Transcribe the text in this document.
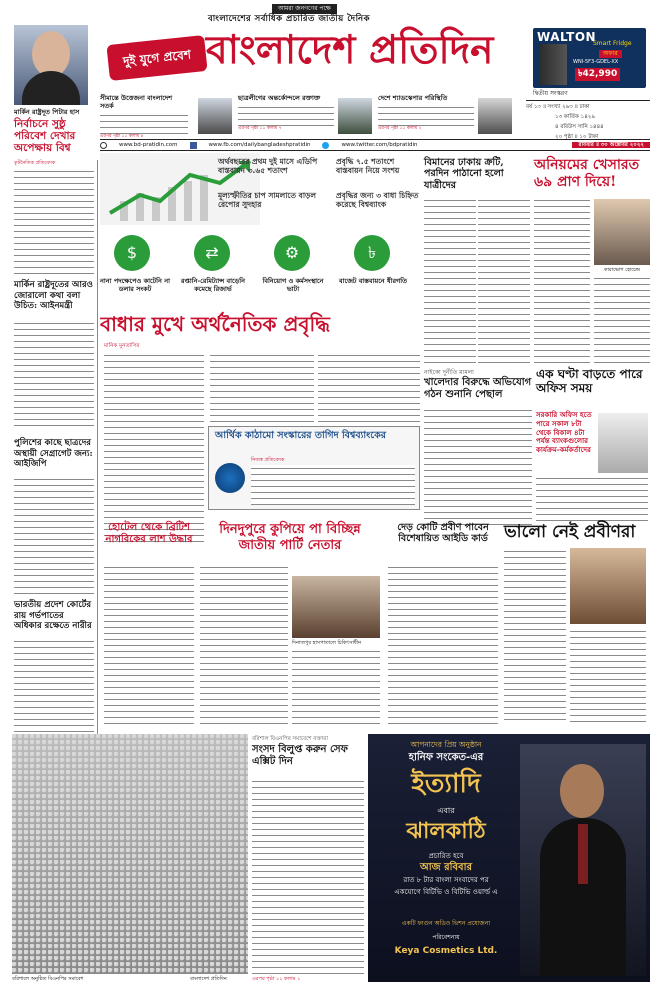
মার্কিন রাষ্ট্রদূত পিটার হাস
নির্বাচনে সুষ্ঠু পরিবেশ দেখার অপেক্ষায় বিশ্ব
দুই যুগে প্রবেশ
আমরা জনগণের পক্ষে
বাংলাদেশের সর্বাধিক প্রচারিত জাতীয় দৈনিক
বাংলাদেশ প্রতিদিন	WALTON
Smart Fridge
অফার
WNI-5F3-GDEL-XX
৳42,990
দ্বিতীয় সংস্করণ
বর্ষ ১৩ ॥ সংখ্যা ২৯৩ ॥ ঢাকা
১৩ কার্তিক ১৪২৯
৪ রবিউস সানি ১৪৪৪
২০ পৃষ্ঠা ॥ ১০ টাকা
সীমান্তে উত্তেজনা বাংলাদেশ সতর্ক
এরপর পৃষ্ঠা ১১ কলাম ৪
ছাত্রলীগের অন্তর্কোন্দলে রক্তাক্ত
এরপর পৃষ্ঠা ১১ কলাম ৭
দেশে শ্যাডস্কেপার পরিস্থিতি
এরপর পৃষ্ঠা ১১ কলাম ২
www.bd-pratidin.com	www.fb.com/dailybangladeshpratidin	www.twitter.com/bdpratidin	রবিবার ॥ ৩০ অক্টোবর ২০২২
কূটনৈতিক প্রতিবেদক
মার্কিন রাষ্ট্রদূতের আরও জোরালো কথা বলা উচিত: আইনমন্ত্রী
পুলিশের কাছে ছাত্রদের অস্থায়ী সেগ্রাগেট জন্য: আইজিপি
ভারতীয় প্রদেশ কোর্টের রায় গর্ভপাতের অধিকার রক্ষেতে নারীর
অর্থবছরের প্রথম দুই মাসে এডিপি বাস্তবায়ন ৩.৬৫ শতাংশ
মূল্যস্ফীতির চাপ সামলাতে বাড়ল রেপোর সুদহার
প্রবৃদ্ধি ৭.৫ শতাংশে বাস্তবায়ন নিয়ে সংশয়
প্রবৃদ্ধির জন্য ৩ বাধা চিহ্নিত করেছে বিশ্বব্যাংক
$
নানা পদক্ষেপেও কাটেনি না ডলার সংকট
⇄
রপ্তানি-রেমিট্যান্স বাড়েনি কমেছে রিজার্ভ
⚙
বিনিয়োগ ও কর্মসংস্থানে ভাটা
৳
বাজেট বাস্তবায়নে ধীরগতি
বাধার মুখে অর্থনৈতিক প্রবৃদ্ধি
মানিক মুনতাসির
আর্থিক কাঠামো সংস্কারের তাগিদ বিশ্বব্যাংকের
নিজস্ব প্রতিবেদক
বিমানের ঢাকায় ক্রটি, পরদিন পাঠানো হলো যাত্রীদের
অনিয়মের খেসারত ৬৯ প্রাণ দিয়ে!
কারাভোগ হোচেন্দ্র
নাইকো দুর্নীতি মামলা
খালেদার বিরুদ্ধে অভিযোগ গঠন শুনানি পেছাল
এক ঘণ্টা বাড়তে পারে অফিস সময়
সরকারি অফিস হতে পারে সকাল ৮টা থেকে বিকাল ৪টা পর্যন্ত ব্যাংকগুলোর কার্যক্রম-কর্মকর্তাদের
হোটেল থেকে ব্রিটিশ নাগরিকের লাশ উদ্ধার
দিনদুপুরে কুপিয়ে পা বিচ্ছিন্ন জাতীয় পার্টি নেতার
দিনাজপুর হাসপাতালে চিকিৎসাধীন
দেড় কোটি প্রবীণ পাবেন বিশেষায়িত আইডি কার্ড ভালো নেই প্রবীণরা
বরিশালে অনুষ্ঠিত বিএনপির সমাবেশ	বাংলাদেশ প্রতিদিন
বরিশাল বিএনপির সমাবেশে বক্তারা
সংসদ বিলুপ্ত করুন সেফ এক্সিট দিন
এরপর পৃষ্ঠা ১১ কলাম ১
আপনাদের প্রিয় অনুষ্ঠান
হানিফ সংকেত-এর
ইত্যাদি
এবার
ঝালকাঠি
প্রচারিত হবে
আজ রবিবার
রাত ৮ টার বাংলা সংবাদের পর
একযোগে বিটিভি ও বিটিভি ওয়ার্ল্ড এ
একটি ফাগুন অডিও ভিশন প্রযোজনা
পরিবেশনায়
Keya Cosmetics Ltd.
